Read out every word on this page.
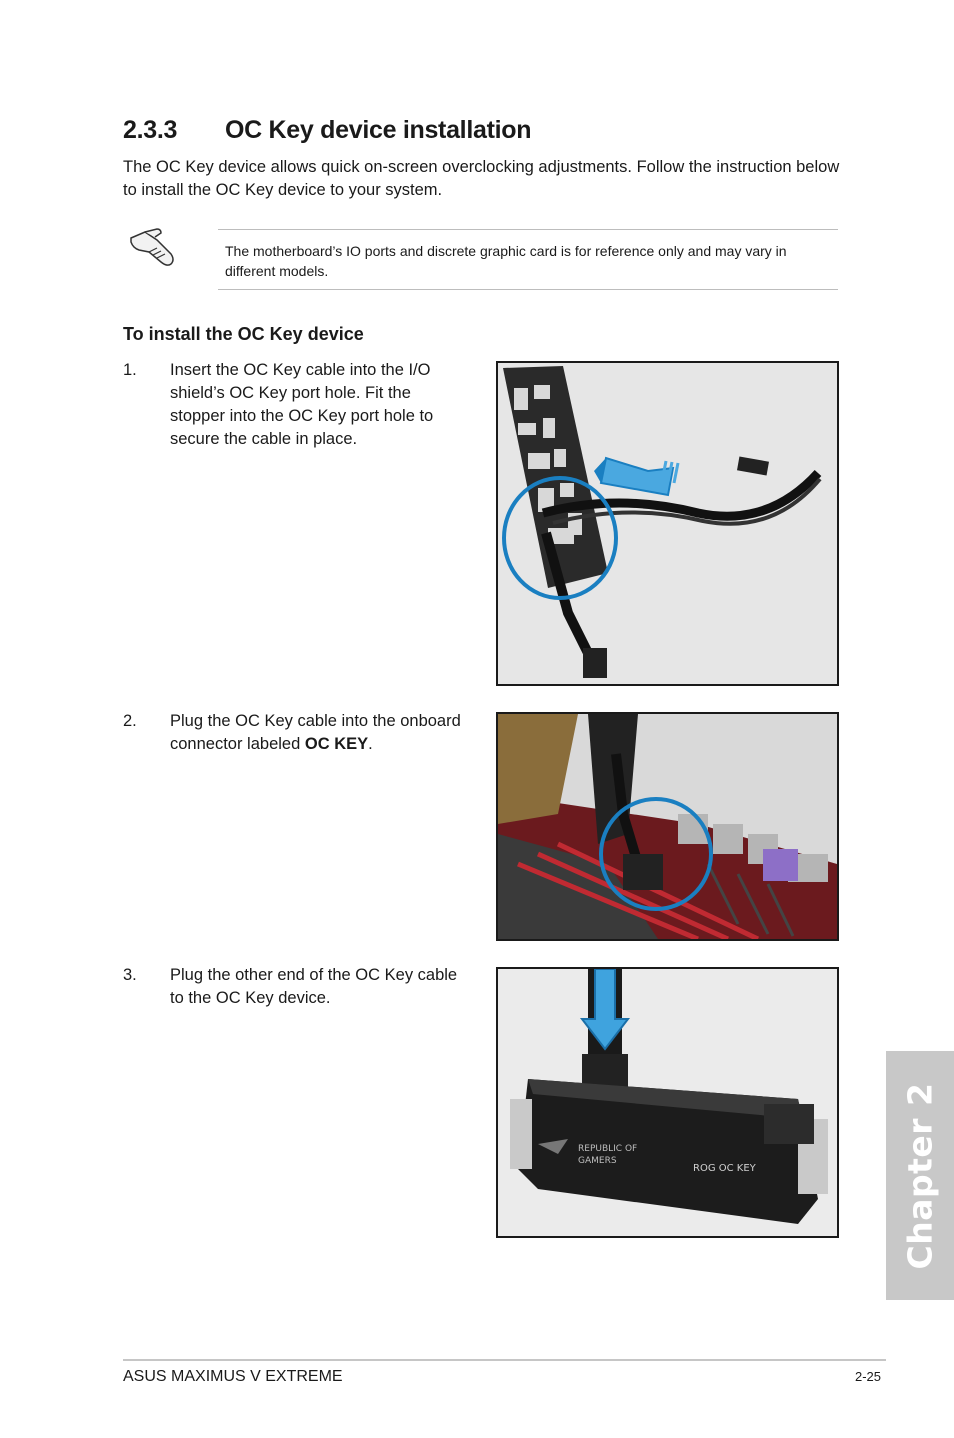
2.3.3	OC Key device installation
The OC Key device allows quick on-screen overclocking adjustments. Follow the instruction below to install the OC Key device to your system.
The motherboard’s IO ports and discrete graphic card is for reference only and may vary in different models.
To install the OC Key device
1.	Insert the OC Key cable into the I/O shield’s OC Key port hole. Fit the stopper into the OC Key port hole to secure the cable in place.
2.	Plug the OC Key cable into the onboard connector labeled OC KEY.
3.	Plug the other end of the OC Key cable to the OC Key device.
REPUBLIC OF
GAMERS
ROG OC KEY	Chapter 2
ASUS MAXIMUS V EXTREME	2-25
